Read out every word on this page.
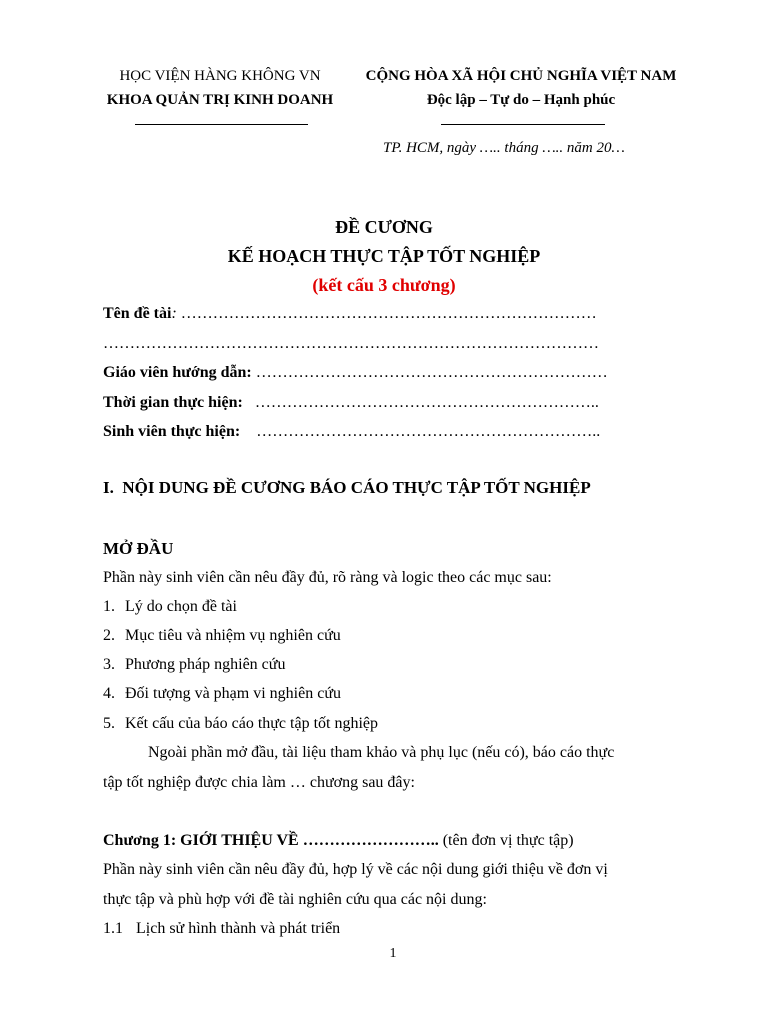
HỌC VIỆN HÀNG KHÔNG VN
KHOA QUẢN TRỊ KINH DOANH
CỘNG HÒA XÃ HỘI CHỦ NGHĨA VIỆT NAM
Độc lập – Tự do – Hạnh phúc
TP. HCM, ngày ….. tháng ….. năm 20…
ĐỀ CƯƠNG
KẾ HOẠCH THỰC TẬP TỐT NGHIỆP
(kết cấu 3 chương)
Tên đề tài: ……………………………………………………………………
…………………………………………………………………………………
Giáo viên hướng dẫn: …………………………………………………………
Thời gian thực hiện: ………………………………………………………..
Sinh viên thực hiện: ………………………………………………………..
I. NỘI DUNG ĐỀ CƯƠNG BÁO CÁO THỰC TẬP TỐT NGHIỆP
MỞ ĐẦU
Phần này sinh viên cần nêu đầy đủ, rõ ràng và logic theo các mục sau:
1. Lý do chọn đề tài
2. Mục tiêu và nhiệm vụ nghiên cứu
3. Phương pháp nghiên cứu
4. Đối tượng và phạm vi nghiên cứu
5. Kết cấu của báo cáo thực tập tốt nghiệp
Ngoài phần mở đầu, tài liệu tham khảo và phụ lục (nếu có), báo cáo thực
tập tốt nghiệp được chia làm … chương sau đây:
Chương 1: GIỚI THIỆU VỀ …………………….. (tên đơn vị thực tập)
Phần này sinh viên cần nêu đầy đủ, hợp lý về các nội dung giới thiệu về đơn vị
thực tập và phù hợp với đề tài nghiên cứu qua các nội dung:
1.1 Lịch sử hình thành và phát triển
1
